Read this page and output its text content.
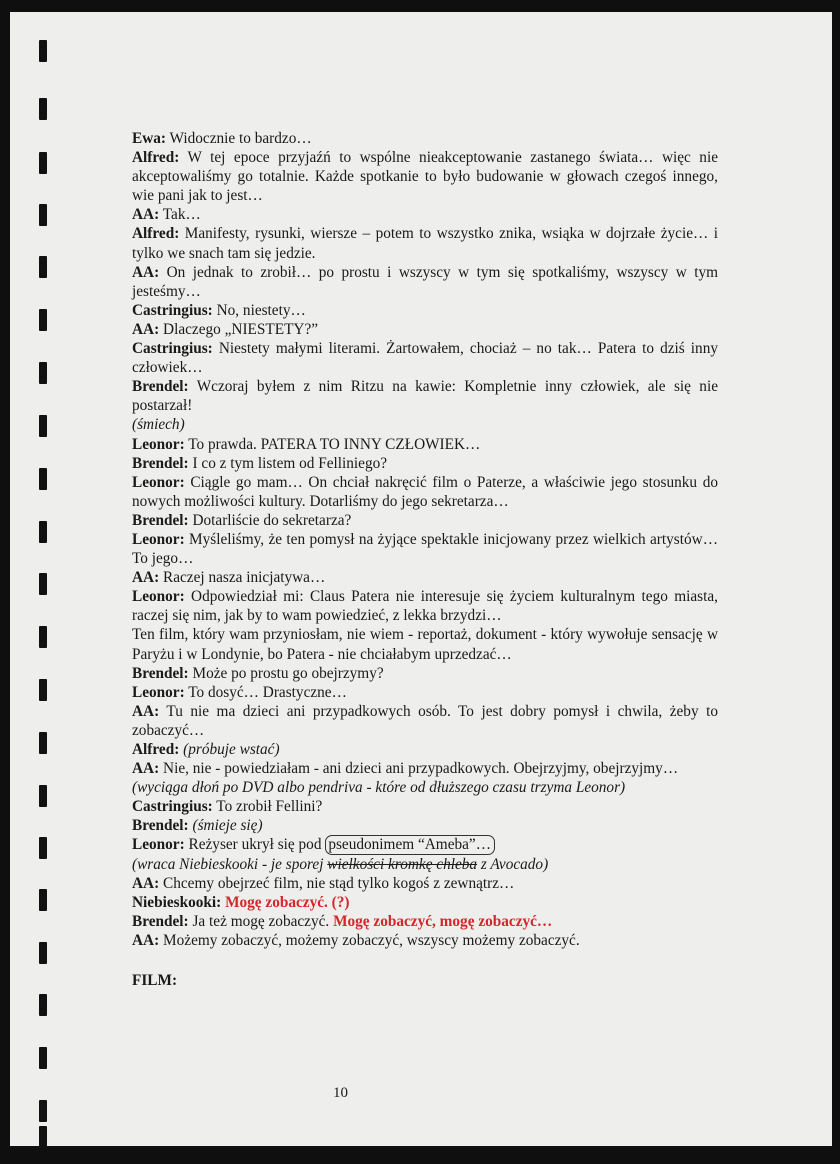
Ewa: Widocznie to bardzo…

Alfred: W tej epoce przyjaźń to wspólne nieakceptowanie zastanego świata… więc nie akceptowaliśmy go totalnie. Każde spotkanie to było budowanie w głowach czegoś innego, wie pani jak to jest…

AA: Tak…

Alfred: Manifesty, rysunki, wiersze – potem to wszystko znika, wsiąka w dojrzałe życie… i tylko we snach tam się jedzie.

AA: On jednak to zrobił… po prostu i wszyscy w tym się spotkaliśmy, wszyscy w tym jesteśmy…

Castringius: No, niestety…

AA: Dlaczego „NIESTETY?”

Castringius: Niestety małymi literami. Żartowałem, chociaż – no tak… Patera to dziś inny człowiek…

Brendel: Wczoraj byłem z nim Ritzu na kawie: Kompletnie inny człowiek, ale się nie postarzał!

(śmiech)

Leonor: To prawda. PATERA TO INNY CZŁOWIEK…

Brendel: I co z tym listem od Felliniego?

Leonor: Ciągle go mam… On chciał nakręcić film o Paterze, a właściwie jego stosunku do nowych możliwości kultury. Dotarliśmy do jego sekretarza…

Brendel: Dotarliście do sekretarza?

Leonor: Myśleliśmy, że ten pomysł na żyjące spektakle inicjowany przez wielkich artystów… To jego…

AA: Raczej nasza inicjatywa…

Leonor: Odpowiedział mi: Claus Patera nie interesuje się życiem kulturalnym tego miasta, raczej się nim, jak by to wam powiedzieć, z lekka brzydzi…

Ten film, który wam przyniosłam, nie wiem - reportaż, dokument - który wywołuje sensację w Paryżu i w Londynie, bo Patera - nie chciałabym uprzedzać…

Brendel: Może po prostu go obejrzymy?

Leonor: To dosyć… Drastyczne…

AA: Tu nie ma dzieci ani przypadkowych osób. To jest dobry pomysł i chwila, żeby to zobaczyć…

Alfred: (próbuje wstać)

AA: Nie, nie - powiedziałam - ani dzieci ani przypadkowych. Obejrzyjmy, obejrzyjmy…

(wyciąga dłoń po DVD albo pendriva - które od dłuższego czasu trzyma Leonor)

Castringius: To zrobił Fellini?

Brendel: (śmieje się)

Leonor: Reżyser ukrył się pod pseudonimem “Ameba”…

(wraca Niebieskooki - je sporej wielkości kromkę chleba z Avocado)

AA: Chcemy obejrzeć film, nie stąd tylko kogoś z zewnątrz…

Niebieskooki: Mogę zobaczyć. (?)

Brendel: Ja też mogę zobaczyć. Mogę zobaczyć, mogę zobaczyć…

AA: Możemy zobaczyć, możemy zobaczyć, wszyscy możemy zobaczyć.

FILM:

10
